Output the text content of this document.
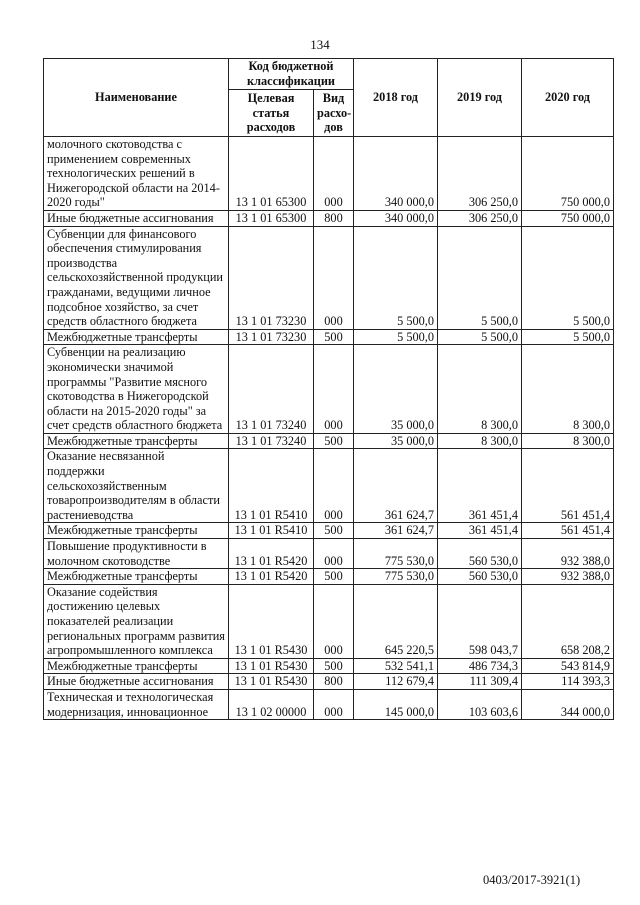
134
Наименование	Код бюджетной классификации		2018 год	2019 год	2020 год
	Целевая статья расходов	Вид расхо-дов			
молочного скотоводства с применением современных технологических решений в Нижегородской области на 2014-2020 годы"	13 1 01 65300	000	340 000,0	306 250,0	750 000,0
Иные бюджетные ассигнования	13 1 01 65300	800	340 000,0	306 250,0	750 000,0
Субвенции для финансового обеспечения стимулирования производства сельскохозяйственной продукции гражданами, ведущими личное подсобное хозяйство, за счет средств областного бюджета	13 1 01 73230	000	5 500,0	5 500,0	5 500,0
Межбюджетные трансферты	13 1 01 73230	500	5 500,0	5 500,0	5 500,0
Субвенции на реализацию экономически значимой программы "Развитие мясного скотоводства в Нижегородской области на 2015-2020 годы" за счет средств областного бюджета	13 1 01 73240	000	35 000,0	8 300,0	8 300,0
Межбюджетные трансферты	13 1 01 73240	500	35 000,0	8 300,0	8 300,0
Оказание несвязанной поддержки сельскохозяйственным товаропроизводителям в области растениеводства	13 1 01 R5410	000	361 624,7	361 451,4	561 451,4
Межбюджетные трансферты	13 1 01 R5410	500	361 624,7	361 451,4	561 451,4
Повышение продуктивности в молочном скотоводстве	13 1 01 R5420	000	775 530,0	560 530,0	932 388,0
Межбюджетные трансферты	13 1 01 R5420	500	775 530,0	560 530,0	932 388,0
Оказание содействия достижению целевых показателей реализации региональных программ развития агропромышленного комплекса	13 1 01 R5430	000	645 220,5	598 043,7	658 208,2
Межбюджетные трансферты	13 1 01 R5430	500	532 541,1	486 734,3	543 814,9
Иные бюджетные ассигнования	13 1 01 R5430	800	112 679,4	111 309,4	114 393,3
Техническая и технологическая модернизация, инновационное	13 1 02 00000	000	145 000,0	103 603,6	344 000,0
0403/2017-3921(1)
